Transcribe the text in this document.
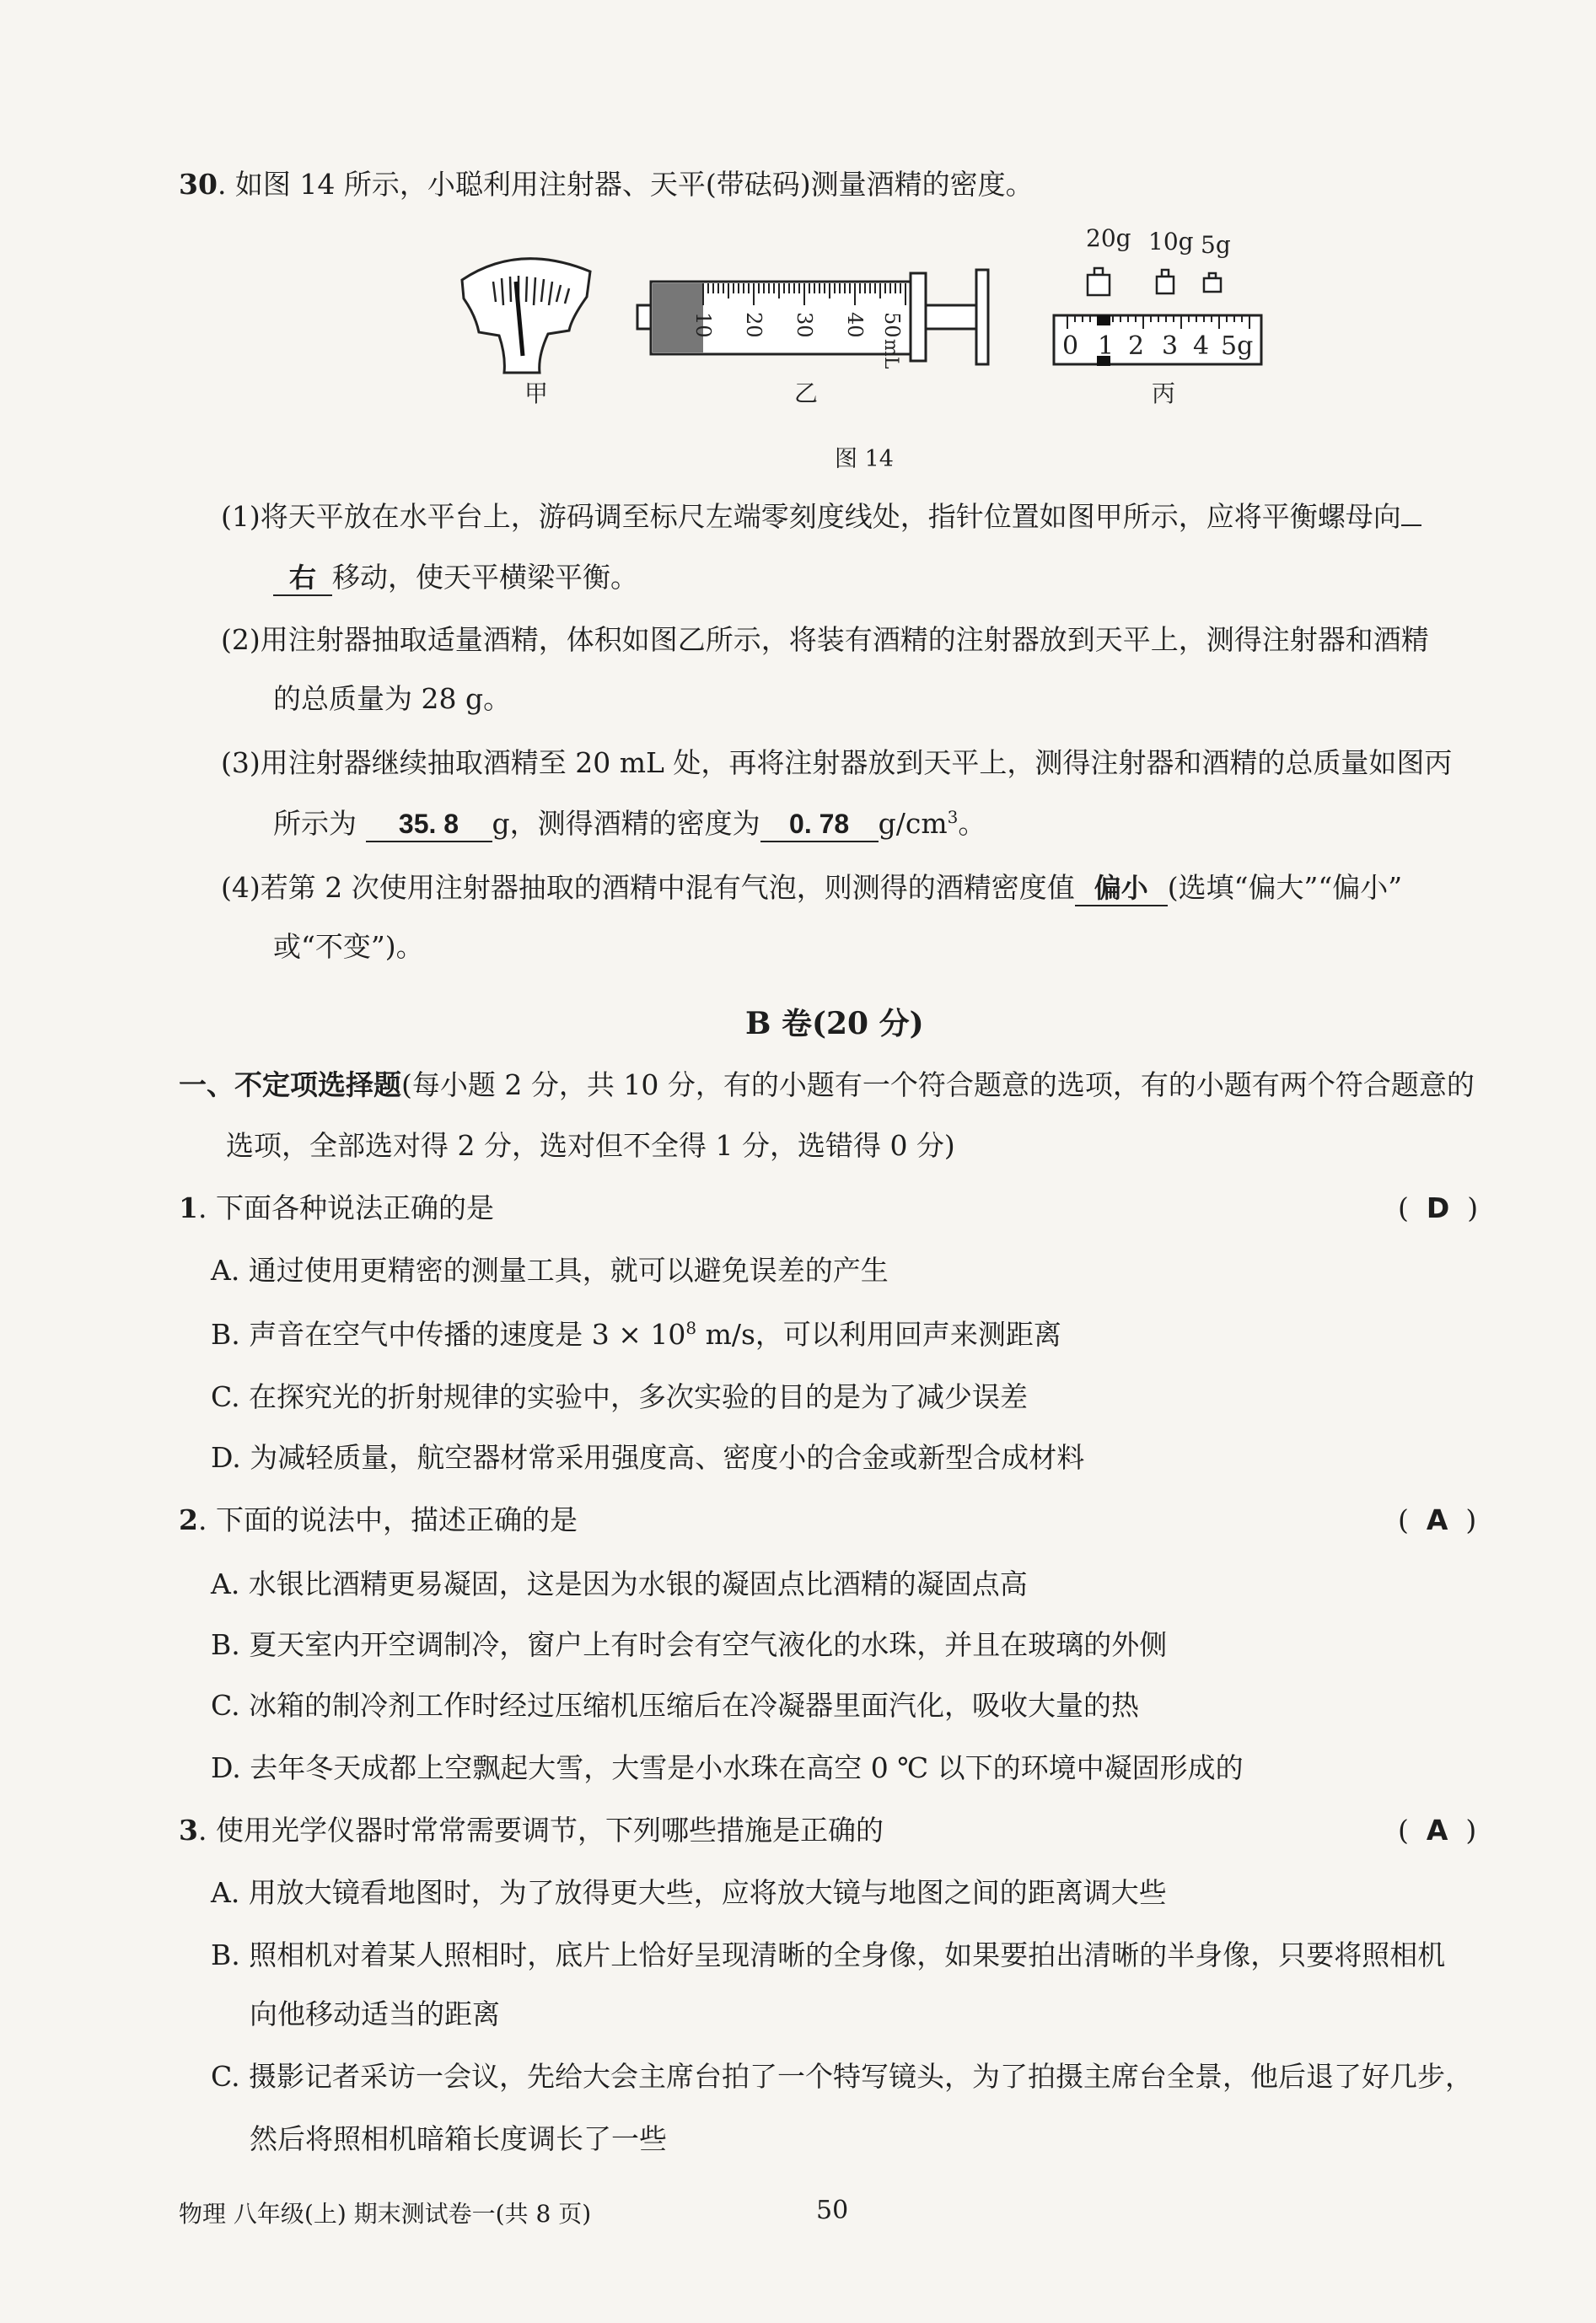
30. 如图 14 所示，小聪利用注射器、天平(带砝码)测量酒精的密度。
10 20 30 40 50
mL
20g 10g 5g
0 1 2 3 4 5g
甲	乙	丙
图 14
(1)将天平放在水平台上，游码调至标尺左端零刻度线处，指针位置如图甲所示，应将平衡螺母向
右 移动，使天平横梁平衡。
(2)用注射器抽取适量酒精，体积如图乙所示，将装有酒精的注射器放到天平上，测得注射器和酒精
的总质量为 28 g。
(3)用注射器继续抽取酒精至 20 mL 处，再将注射器放到天平上，测得注射器和酒精的总质量如图丙
所示为 35. 8 g，测得酒精的密度为 0. 78 $g/cm^3$。
(4)若第 2 次使用注射器抽取的酒精中混有气泡，则测得的酒精密度值 偏小 (选填“偏大”“偏小”
或“不变”)。
B 卷(20 分)
一、不定项选择题(每小题 2 分，共 10 分，有的小题有一个符合题意的选项，有的小题有两个符合题意的
选项，全部选对得 2 分，选对但不全得 1 分，选错得 0 分)
1. 下面各种说法正确的是	(  D  )
A. 通过使用更精密的测量工具，就可以避免误差的产生
B. 声音在空气中传播的速度是 $3 \times 10^8$ m/s，可以利用回声来测距离
C. 在探究光的折射规律的实验中，多次实验的目的是为了减少误差
D. 为减轻质量，航空器材常采用强度高、密度小的合金或新型合成材料
2. 下面的说法中，描述正确的是	(  A  )
A. 水银比酒精更易凝固，这是因为水银的凝固点比酒精的凝固点高
B. 夏天室内开空调制冷，窗户上有时会有空气液化的水珠，并且在玻璃的外侧
C. 冰箱的制冷剂工作时经过压缩机压缩后在冷凝器里面汽化，吸收大量的热
D. 去年冬天成都上空飘起大雪，大雪是小水珠在高空 0 ℃ 以下的环境中凝固形成的
3. 使用光学仪器时常常需要调节，下列哪些措施是正确的	(  A  )
A. 用放大镜看地图时，为了放得更大些，应将放大镜与地图之间的距离调大些
B. 照相机对着某人照相时，底片上恰好呈现清晰的全身像，如果要拍出清晰的半身像，只要将照相机
向他移动适当的距离
C. 摄影记者采访一会议，先给大会主席台拍了一个特写镜头，为了拍摄主席台全景，他后退了好几步，
然后将照相机暗箱长度调长了一些
物理 八年级(上) 期末测试卷一(共 8 页)	50
